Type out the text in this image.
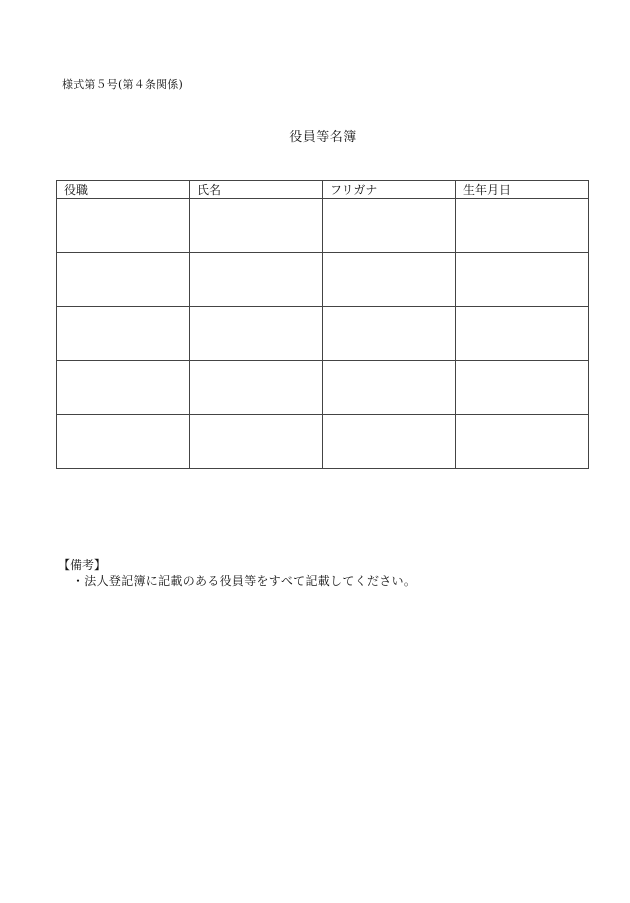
様式第５号(第４条関係)
役員等名簿
役職	氏名	フリガナ	生年月日

【備考】
・法人登記簿に記載のある役員等をすべて記載してください。
